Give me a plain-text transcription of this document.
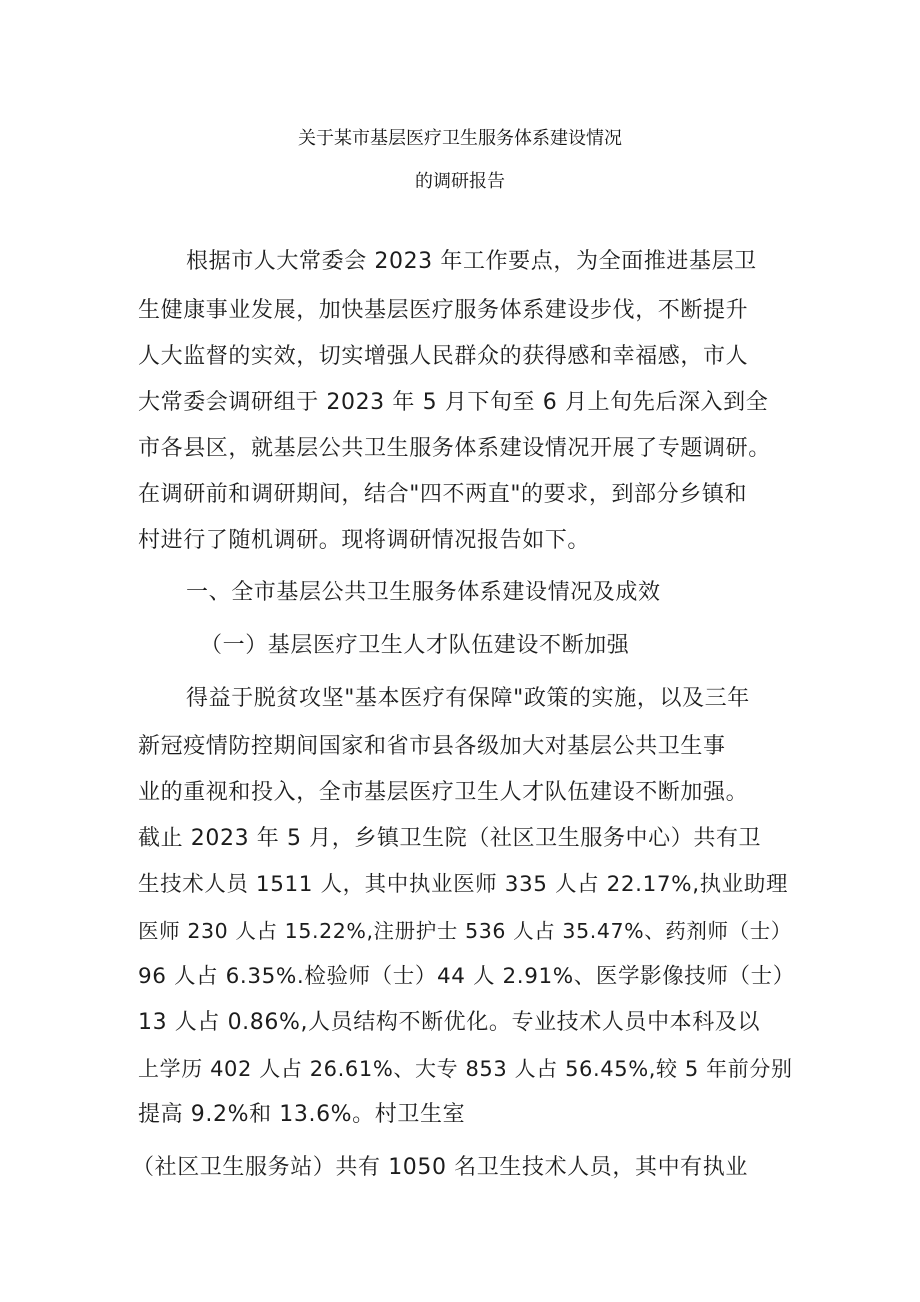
关于某市基层医疗卫生服务体系建设情况
的调研报告
根据市人大常委会 2023 年工作要点，为全面推进基层卫
生健康事业发展，加快基层医疗服务体系建设步伐，不断提升
人大监督的实效，切实增强人民群众的获得感和幸福感，市人
大常委会调研组于 2023 年 5 月下旬至 6 月上旬先后深入到全
市各县区，就基层公共卫生服务体系建设情况开展了专题调研。
在调研前和调研期间，结合"四不两直"的要求，到部分乡镇和
村进行了随机调研。现将调研情况报告如下。
一、全市基层公共卫生服务体系建设情况及成效
（一）基层医疗卫生人才队伍建设不断加强
得益于脱贫攻坚"基本医疗有保障"政策的实施，以及三年
新冠疫情防控期间国家和省市县各级加大对基层公共卫生事
业的重视和投入，全市基层医疗卫生人才队伍建设不断加强。
截止 2023 年 5 月，乡镇卫生院（社区卫生服务中心）共有卫
生技术人员 1511 人，其中执业医师 335 人占 22.17%,执业助理
医师 230 人占 15.22%,注册护士 536 人占 35.47%、药剂师（士）
96 人占 6.35%.检验师（士）44 人 2.91%、医学影像技师（士）
13 人占 0.86%,人员结构不断优化。专业技术人员中本科及以
上学历 402 人占 26.61%、大专 853 人占 56.45%,较 5 年前分别
提高 9.2%和 13.6%。村卫生室
（社区卫生服务站）共有 1050 名卫生技术人员，其中有执业
